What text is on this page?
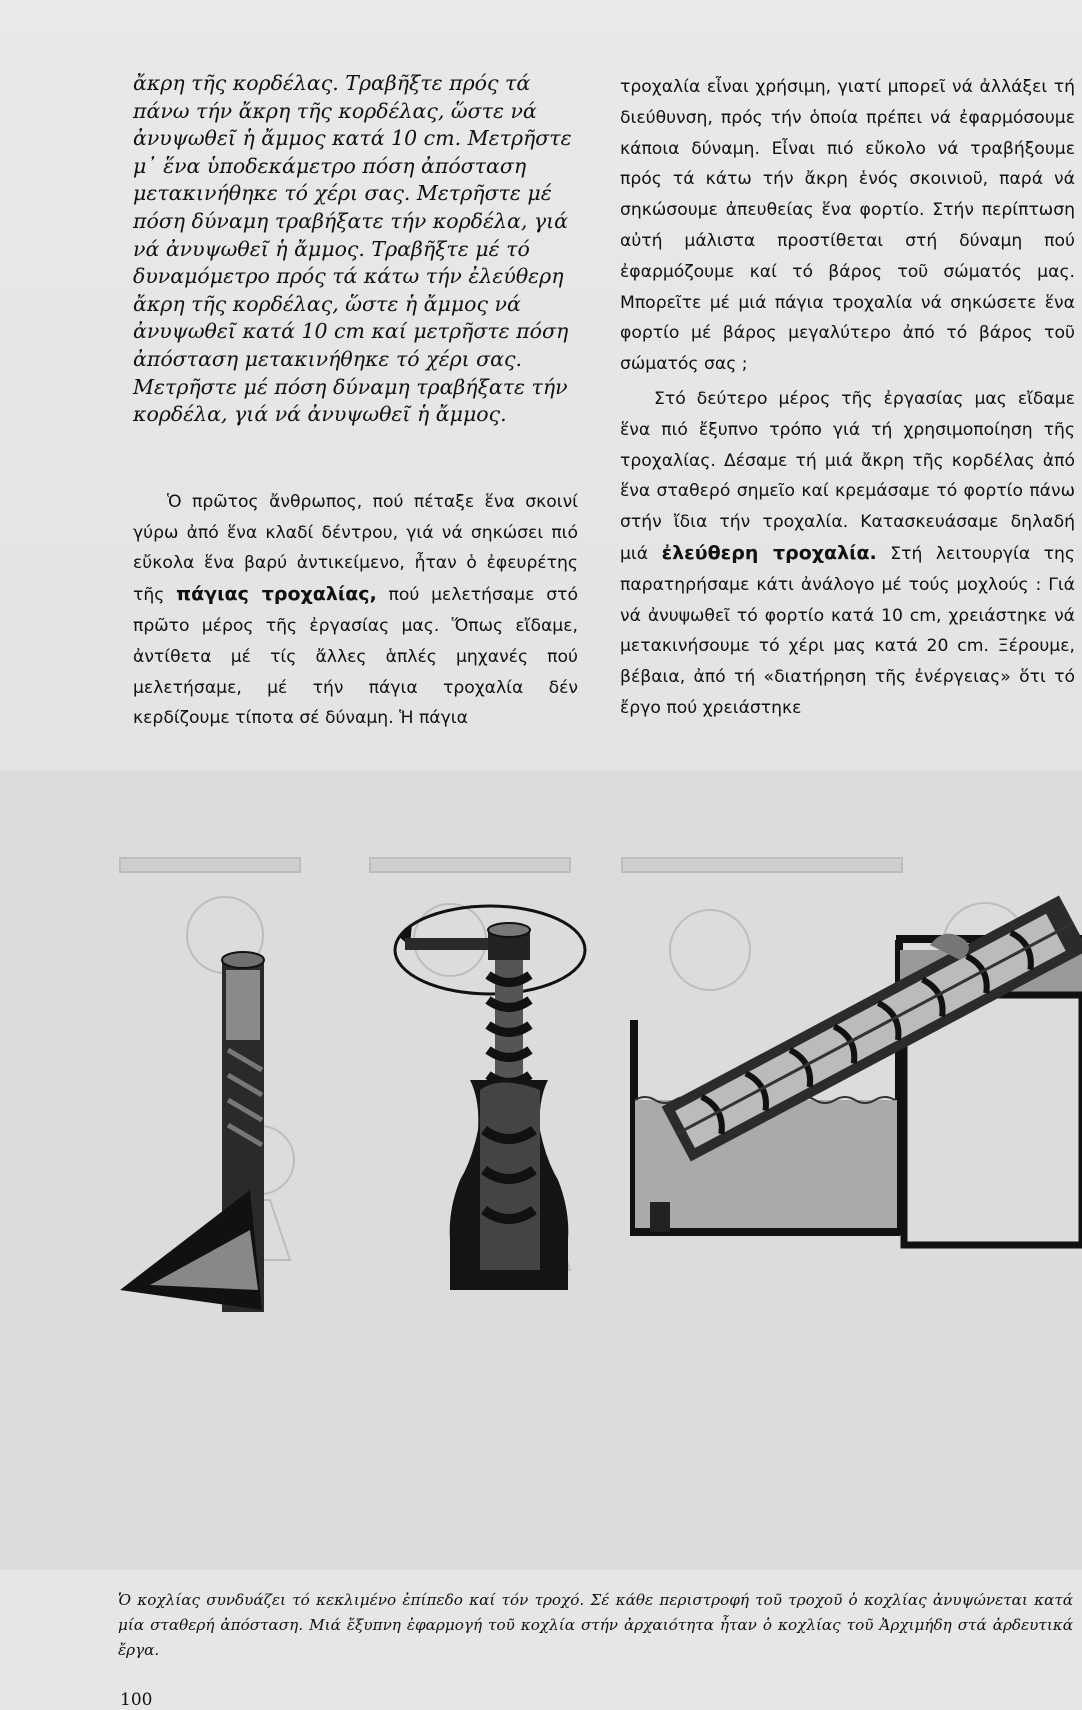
ἄκρη τῆς κορδέλας. Τραβῆξτε πρός τά πάνω τήν ἄκρη τῆς κορδέλας, ὥστε νά ἀνυψωθεῖ ἡ ἄμμος κατά 10 cm. Μετρῆστε μ᾽ ἕνα ὑποδεκάμετρο πόση ἀπόσταση μετακινήθηκε τό χέρι σας. Μετρῆστε μέ πόση δύναμη τραβήξατε τήν κορδέλα, γιά νά ἀνυψωθεῖ ἡ ἄμμος. Τραβῆξτε μέ τό δυναμόμετρο πρός τά κάτω τήν ἐλεύθερη ἄκρη τῆς κορδέλας, ὥστε ἡ ἄμμος νά ἀνυψωθεῖ κατά 10 cm καί μετρῆστε πόση ἀπόσταση μετακινήθηκε τό χέρι σας. Μετρῆστε μέ πόση δύναμη τραβήξατε τήν κορδέλα, γιά νά ἀνυψωθεῖ ἡ ἄμμος.

Ὁ πρῶτος ἄνθρωπος, πού πέταξε ἕνα σκοινί γύρω ἀπό ἕνα κλαδί δέντρου, γιά νά σηκώσει πιό εὔκολα ἕνα βαρύ ἀντικείμενο, ἦταν ὁ ἐφευρέτης τῆς πάγιας τροχαλίας, πού μελετήσαμε στό πρῶτο μέρος τῆς ἐργασίας μας. Ὅπως εἴδαμε, ἀντίθετα μέ τίς ἄλλες ἁπλές μηχανές πού μελετήσαμε, μέ τήν πάγια τροχαλία δέν κερδίζουμε τίποτα σέ δύναμη. Ἡ πάγια

τροχαλία εἶναι χρήσιμη, γιατί μπορεῖ νά ἀλλάξει τή διεύθυνση, πρός τήν ὁποία πρέπει νά ἐφαρμόσουμε κάποια δύναμη. Εἶναι πιό εὔκολο νά τραβήξουμε πρός τά κάτω τήν ἄκρη ἑνός σκοινιοῦ, παρά νά σηκώσουμε ἀπευθείας ἕνα φορτίο. Στήν περίπτωση αὐτή μάλιστα προστίθεται στή δύναμη πού ἐφαρμόζουμε καί τό βάρος τοῦ σώματός μας. Μπορεῖτε μέ μιά πάγια τροχαλία νά σηκώσετε ἕνα φορτίο μέ βάρος μεγαλύτερο ἀπό τό βάρος τοῦ σώματός σας ;

Στό δεύτερο μέρος τῆς ἐργασίας μας εἴδαμε ἕνα πιό ἔξυπνο τρόπο γιά τή χρησιμοποίηση τῆς τροχαλίας. Δέσαμε τή μιά ἄκρη τῆς κορδέλας ἀπό ἕνα σταθερό σημεῖο καί κρεμάσαμε τό φορτίο πάνω στήν ἴδια τήν τροχαλία. Κατασκευάσαμε δηλαδή μιά ἐλεύθερη τροχαλία. Στή λειτουργία της παρατηρήσαμε κάτι ἀνάλογο μέ τούς μοχλούς : Γιά νά ἀνυψωθεῖ τό φορτίο κατά 10 cm, χρειάστηκε νά μετακινήσουμε τό χέρι μας κατά 20 cm. Ξέρουμε, βέβαια, ἀπό τή «διατήρηση τῆς ἐνέργειας» ὅτι τό ἔργο πού χρειάστηκε

Ὁ κοχλίας συνδυάζει τό κεκλιμένο ἐπίπεδο καί τόν τροχό. Σέ κάθε περιστροφή τοῦ τροχοῦ ὁ κοχλίας ἀνυψώνεται κατά μία σταθερή ἀπόσταση. Μιά ἔξυπνη ἐφαρμογή τοῦ κοχλία στήν ἀρχαιότητα ἦταν ὁ κοχλίας τοῦ Ἀρχιμήδη στά ἀρδευτικά ἔργα.

100
